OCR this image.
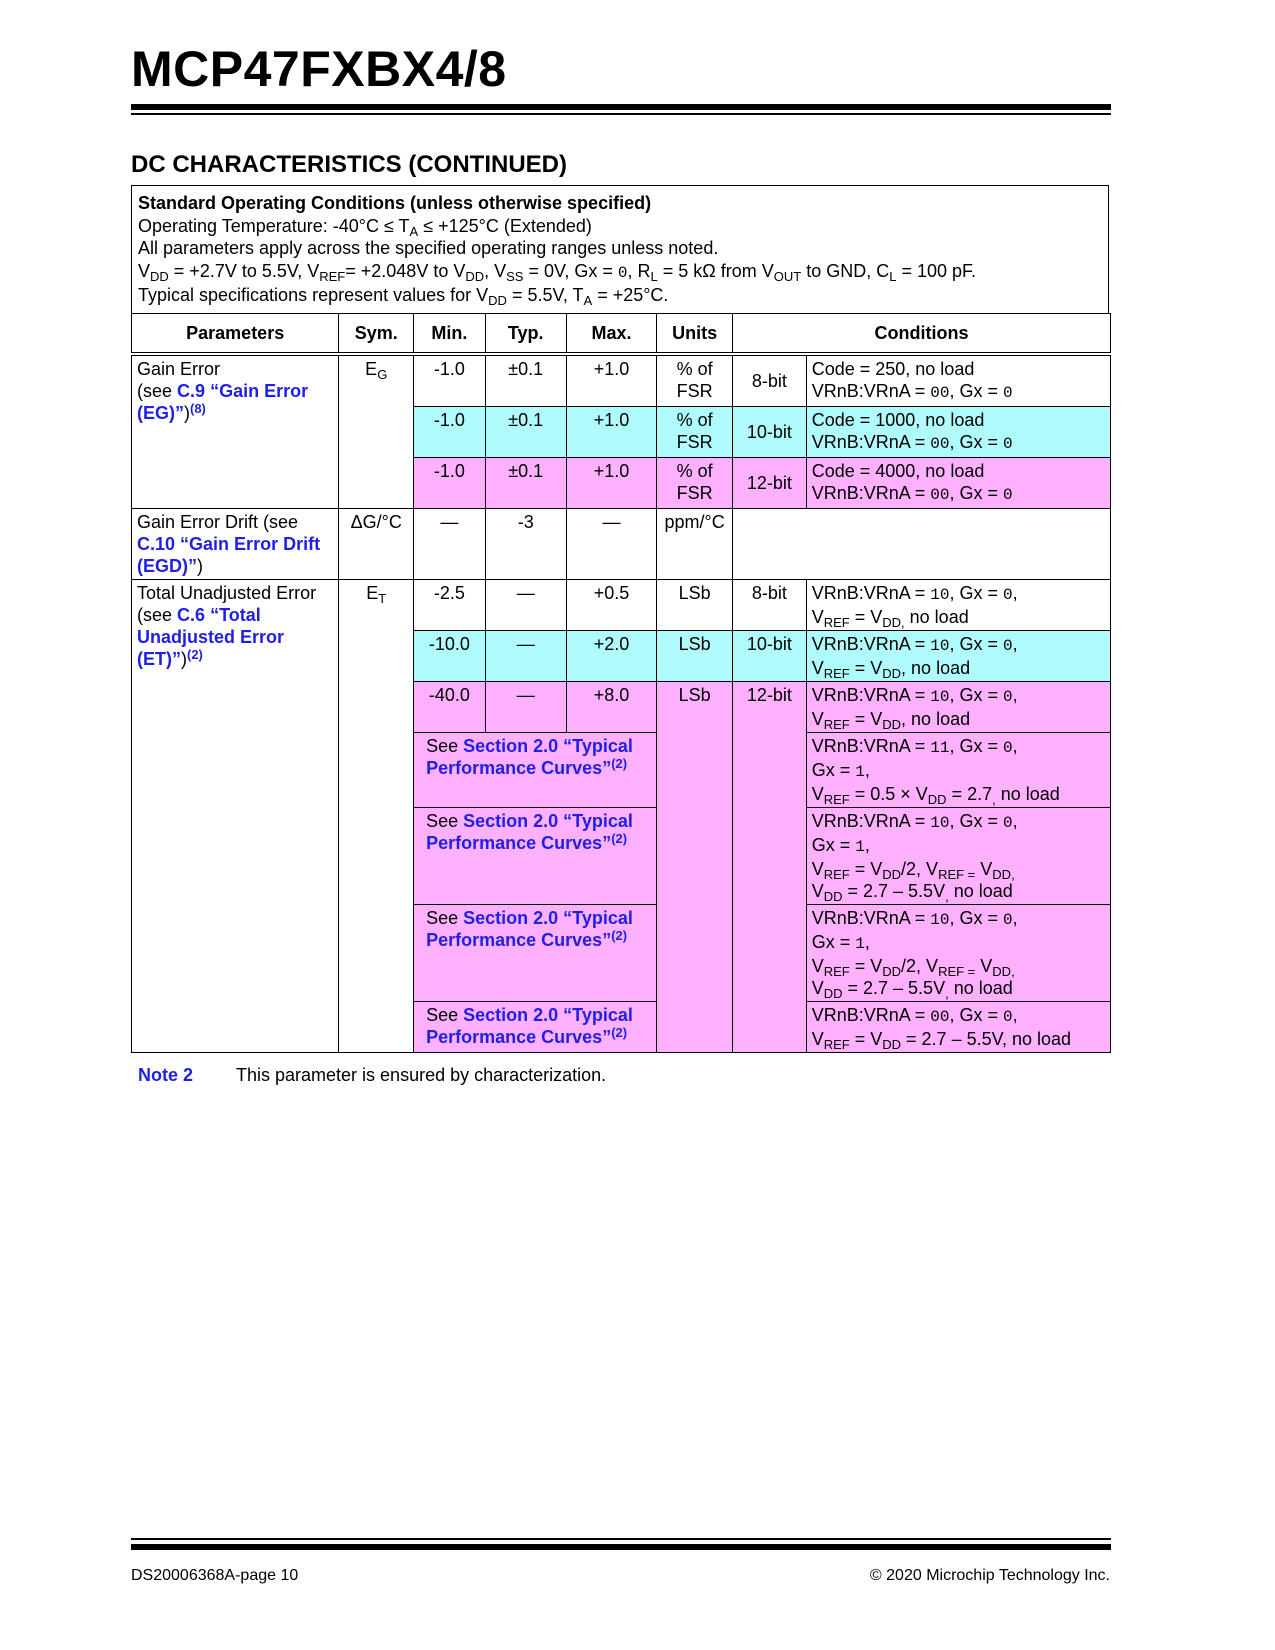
MCP47FXBX4/8
DC CHARACTERISTICS (CONTINUED)
Standard Operating Conditions (unless otherwise specified)
Operating Temperature: $-40^\circ C \le T_A \le +125^\circ C$ (Extended)
All parameters apply across the specified operating ranges unless noted.
$V_{DD} = +2.7V$ to 5.5V, $V_{REF}= +2.048V$ to $V_{DD}$, $V_{SS} = 0V$, Gx = 0, $R_L = 5$ kΩ from $V_{OUT}$ to GND, $C_L = 100$ pF.
Typical specifications represent values for $V_{DD} = 5.5V$, $T_A = +25^\circ C$.
Parameters	Sym.	Min.	Typ.	Max.	Units	Conditions	
Gain Error
(see C.9 “Gain Error (EG)”)$^{(8)}$	$E_G$	-1.0	±0.1	+1.0	% of FSR	8-bit	Code = 250, no load
VRnB:VRnA = 00, Gx = 0
		-1.0	±0.1	+1.0	% of FSR	10-bit	Code = 1000, no load
VRnB:VRnA = 00, Gx = 0
		-1.0	±0.1	+1.0	% of FSR	12-bit	Code = 4000, no load
VRnB:VRnA = 00, Gx = 0
Gain Error Drift (see
C.10 “Gain Error Drift (EGD)”)	ΔG/°C	—	-3	—	ppm/°C		
Total Unadjusted Error
(see C.6 “Total Unadjusted Error (ET)”)$^{(2)}$	$E_T$	-2.5	—	+0.5	LSb	8-bit	VRnB:VRnA = 10, Gx = 0,
$V_{REF} = V_{DD,}$ no load
		-10.0	—	+2.0	LSb	10-bit	VRnB:VRnA = 10, Gx = 0,
$V_{REF} = V_{DD}$, no load
		-40.0	—	+8.0	LSb	12-bit	VRnB:VRnA = 10, Gx = 0,
$V_{REF} = V_{DD}$, no load
		See Section 2.0 “Typical Performance Curves”$^{(2)}$					VRnB:VRnA = 11, Gx = 0,
Gx = 1,
$V_{REF} = 0.5 \times V_{DD} = 2.7_,$ no load
		See Section 2.0 “Typical Performance Curves”$^{(2)}$					VRnB:VRnA = 10, Gx = 0,
Gx = 1,
$V_{REF} = V_{DD}/2$, $V_{REF =}$ $V_{DD,}$
$V_{DD} = 2.7 - 5.5V_,$ no load
		See Section 2.0 “Typical Performance Curves”$^{(2)}$					VRnB:VRnA = 10, Gx = 0,
Gx = 1,
$V_{REF} = V_{DD}/2$, $V_{REF =}$ $V_{DD,}$
$V_{DD} = 2.7 - 5.5V_,$ no load
		See Section 2.0 “Typical Performance Curves”$^{(2)}$					VRnB:VRnA = 00, Gx = 0,
$V_{REF} = V_{DD} = 2.7 - 5.5V$, no load
Note 2 This parameter is ensured by characterization.
DS20006368A-page 10	© 2020 Microchip Technology Inc.
